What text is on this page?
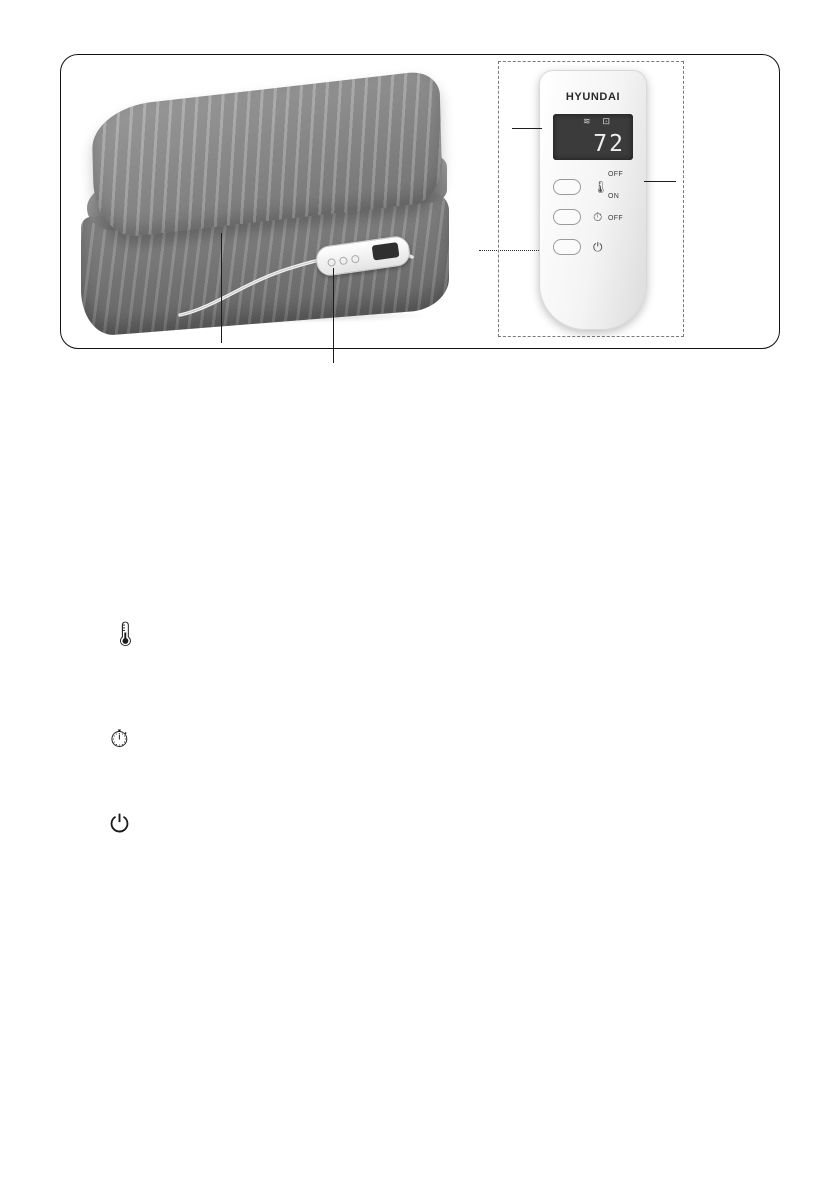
HYUNDAI
≋ ⊡
72
🌡
⏱
⏻
OFF
ON
OFF
🌡
⏱
⏻
